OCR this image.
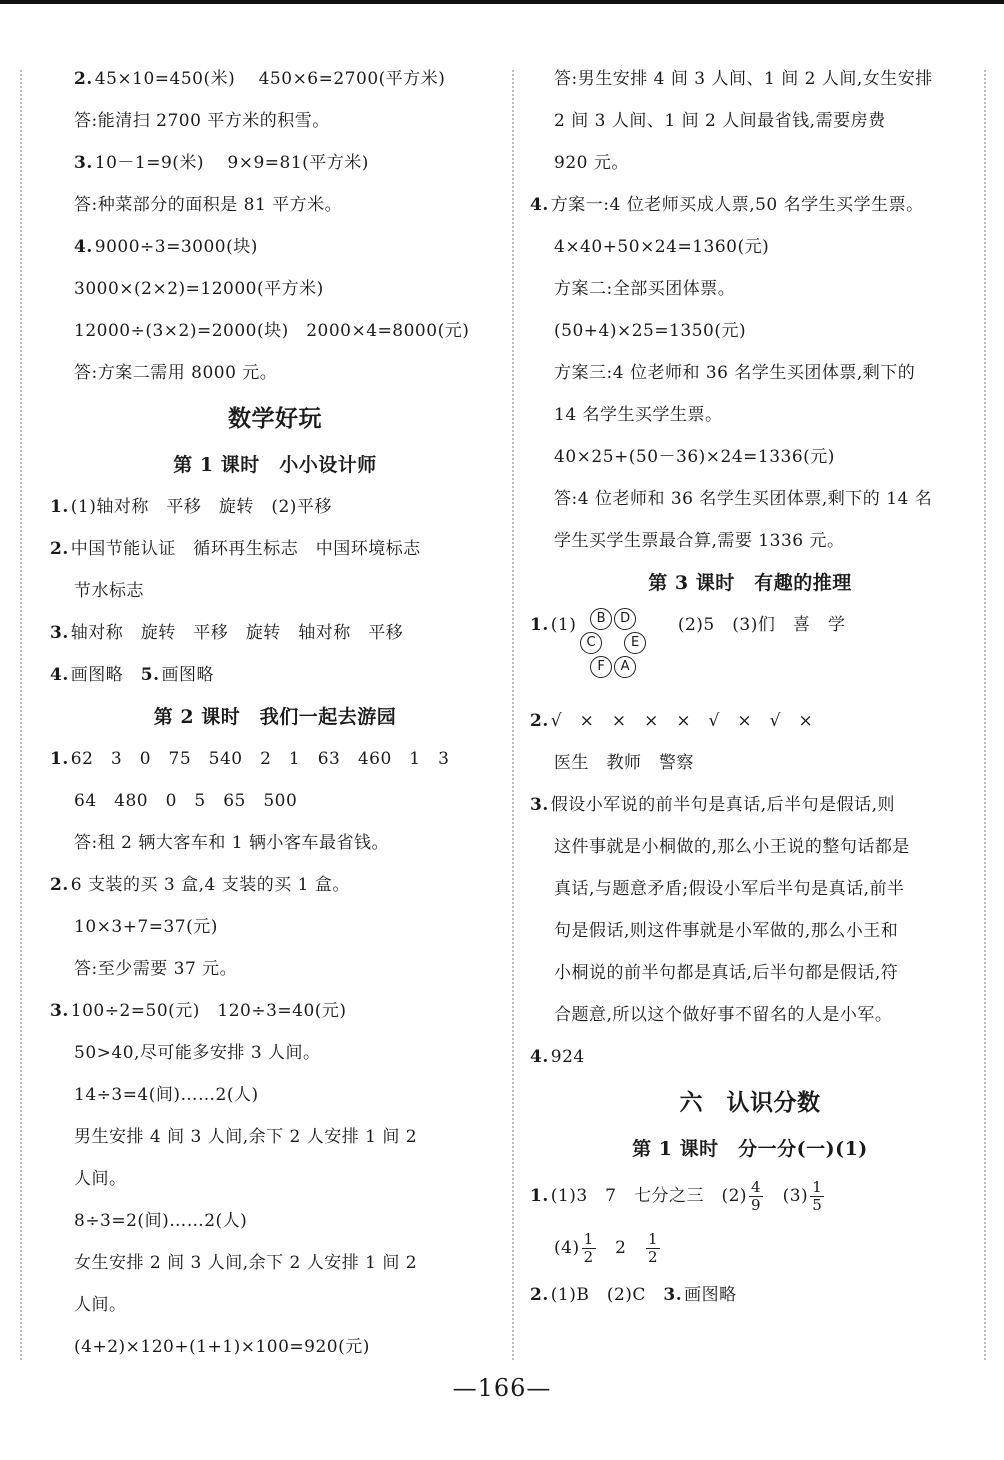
2. 45×10=450(米)　 450×6=2700(平方米)
答:能清扫 2700 平方米的积雪。
3. 10－1=9(米)　 9×9=81(平方米)
答:种菜部分的面积是 81 平方米。
4. 9000÷3=3000(块)
3000×(2×2)=12000(平方米)
12000÷(3×2)=2000(块)　2000×4=8000(元)
答:方案二需用 8000 元。
数学好玩
第 1 课时　小小设计师
1. (1)轴对称　平移　旋转　(2)平移
2. 中国节能认证　循环再生标志　中国环境标志
节水标志
3. 轴对称　旋转　平移　旋转　轴对称　平移
4. 画图略　5. 画图略
第 2 课时　我们一起去游园
1. 62　3　0　75　540　2　1　63　460　1　3
64　480　0　5　65　500
答:租 2 辆大客车和 1 辆小客车最省钱。
2. 6 支装的买 3 盒,4 支装的买 1 盒。
10×3+7=37(元)
答:至少需要 37 元。
3. 100÷2=50(元)　120÷3=40(元)
50>40,尽可能多安排 3 人间。
14÷3=4(间)……2(人)
男生安排 4 间 3 人间,余下 2 人安排 1 间 2
人间。
8÷3=2(间)……2(人)
女生安排 2 间 3 人间,余下 2 人安排 1 间 2
人间。
(4+2)×120+(1+1)×100=920(元)
答:男生安排 4 间 3 人间、1 间 2 人间,女生安排
2 间 3 人间、1 间 2 人间最省钱,需要房费
920 元。
4. 方案一:4 位老师买成人票,50 名学生买学生票。
4×40+50×24=1360(元)
方案二:全部买团体票。
(50+4)×25=1350(元)
方案三:4 位老师和 36 名学生买团体票,剩下的
14 名学生买学生票。
40×25+(50－36)×24=1336(元)
答:4 位老师和 36 名学生买团体票,剩下的 14 名
学生买学生票最合算,需要 1336 元。
第 3 课时　有趣的推理
1. (1)	B	D
C	E
F	A
　(2)5　(3)们　喜　学
2. √　×　×　×　×　√　×　√　×
医生　教师　警察
3. 假设小军说的前半句是真话,后半句是假话,则
这件事就是小桐做的,那么小王说的整句话都是
真话,与题意矛盾;假设小军后半句是真话,前半
句是假话,则这件事就是小军做的,那么小王和
小桐说的前半句都是真话,后半句都是假话,符
合题意,所以这个做好事不留名的人是小军。
4. 924
六　认识分数
第 1 课时　分一分(一)(1)
1. (1)3　7　七分之三　$(2) \frac{4}{9}$ 　$(3) \frac{1}{5}$
$(4) \frac{1}{2}$ 　2　 $\frac{1}{2}$
2. (1)B　(2)C　3. 画图略
—166—
